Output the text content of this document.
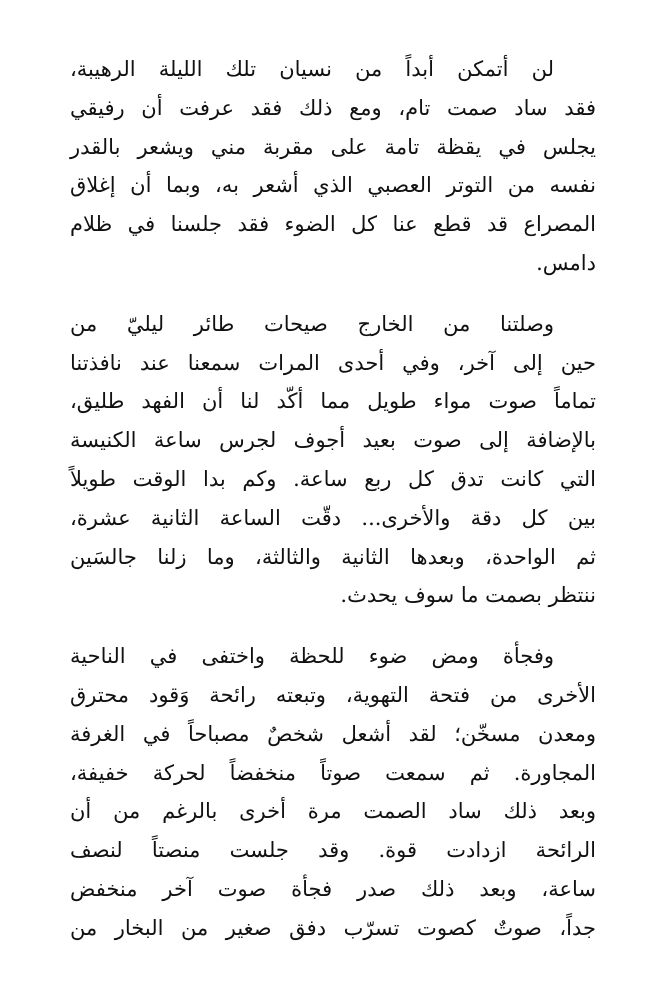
لن أتمكن أبداً من نسيان تلك الليلة الرهيبة،
فقد ساد صمت تام، ومع ذلك فقد عرفت أن رفيقي
يجلس في يقظة تامة على مقربة مني ويشعر بالقدر
نفسه من التوتر العصبي الذي أشعر به، وبما أن إغلاق
المصراع قد قطع عنا كل الضوء فقد جلسنا في ظلام
دامس.

وصلتنا من الخارج صيحات طائر ليليّ من
حين إلى آخر، وفي أحدى المرات سمعنا عند نافذتنا
تماماً صوت مواء طويل مما أكّد لنا أن الفهد طليق،
بالإضافة إلى صوت بعيد أجوف لجرس ساعة الكنيسة
التي كانت تدق كل ربع ساعة. وكم بدا الوقت طويلاً
بين كل دقة والأخرى... دقّت الساعة الثانية عشرة،
ثم الواحدة، وبعدها الثانية والثالثة، وما زلنا جالسَين
ننتظر بصمت ما سوف يحدث.

وفجأة ومض ضوء للحظة واختفى في الناحية
الأخرى من فتحة التهوية، وتبعته رائحة وَقود محترق
ومعدن مسخّن؛ لقد أشعل شخصٌ مصباحاً في الغرفة
المجاورة. ثم سمعت صوتاً منخفضاً لحركة خفيفة،
وبعد ذلك ساد الصمت مرة أخرى بالرغم من أن
الرائحة ازدادت قوة. وقد جلست منصتاً لنصف
ساعة، وبعد ذلك صدر فجأة صوت آخر منخفض
جداً، صوتٌ كصوت تسرّب دفق صغير من البخار من
